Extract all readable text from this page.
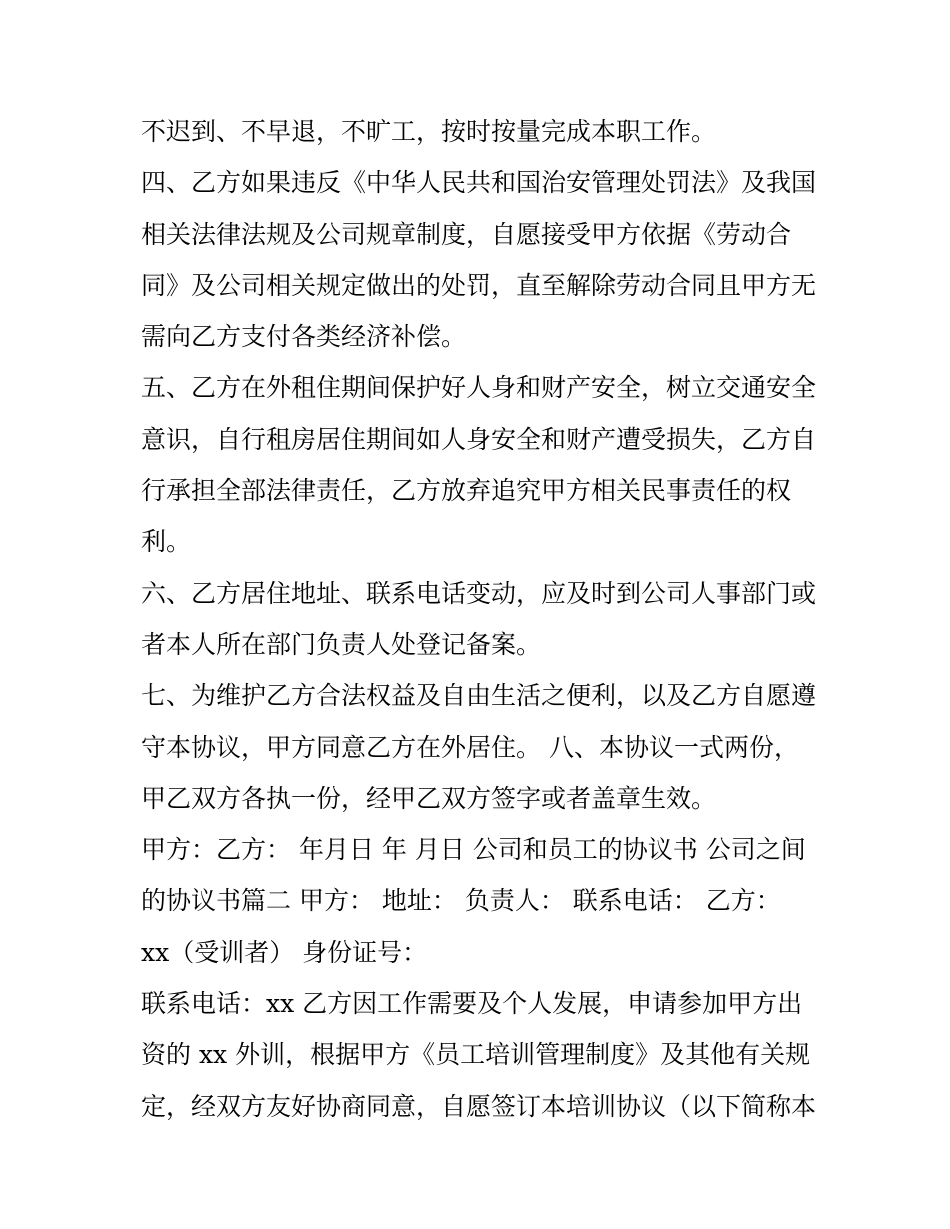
不迟到、不早退，不旷工，按时按量完成本职工作。
四、乙方如果违反《中华人民共和国治安管理处罚法》及我国
相关法律法规及公司规章制度，自愿接受甲方依据《劳动合
同》及公司相关规定做出的处罚，直至解除劳动合同且甲方无
需向乙方支付各类经济补偿。
五、乙方在外租住期间保护好人身和财产安全，树立交通安全
意识，自行租房居住期间如人身安全和财产遭受损失，乙方自
行承担全部法律责任，乙方放弃追究甲方相关民事责任的权
利。
六、乙方居住地址、联系电话变动，应及时到公司人事部门或
者本人所在部门负责人处登记备案。
七、为维护乙方合法权益及自由生活之便利，以及乙方自愿遵
守本协议，甲方同意乙方在外居住。 八、本协议一式两份，
甲乙双方各执一份，经甲乙双方签字或者盖章生效。
甲方：乙方： 年月日 年 月日 公司和员工的协议书 公司之间
的协议书篇二 甲方： 地址： 负责人： 联系电话： 乙方：
xx（受训者） 身份证号：
联系电话：xx 乙方因工作需要及个人发展，申请参加甲方出
资的 xx 外训，根据甲方《员工培训管理制度》及其他有关规
定，经双方友好协商同意，自愿签订本培训协议（以下简称本
